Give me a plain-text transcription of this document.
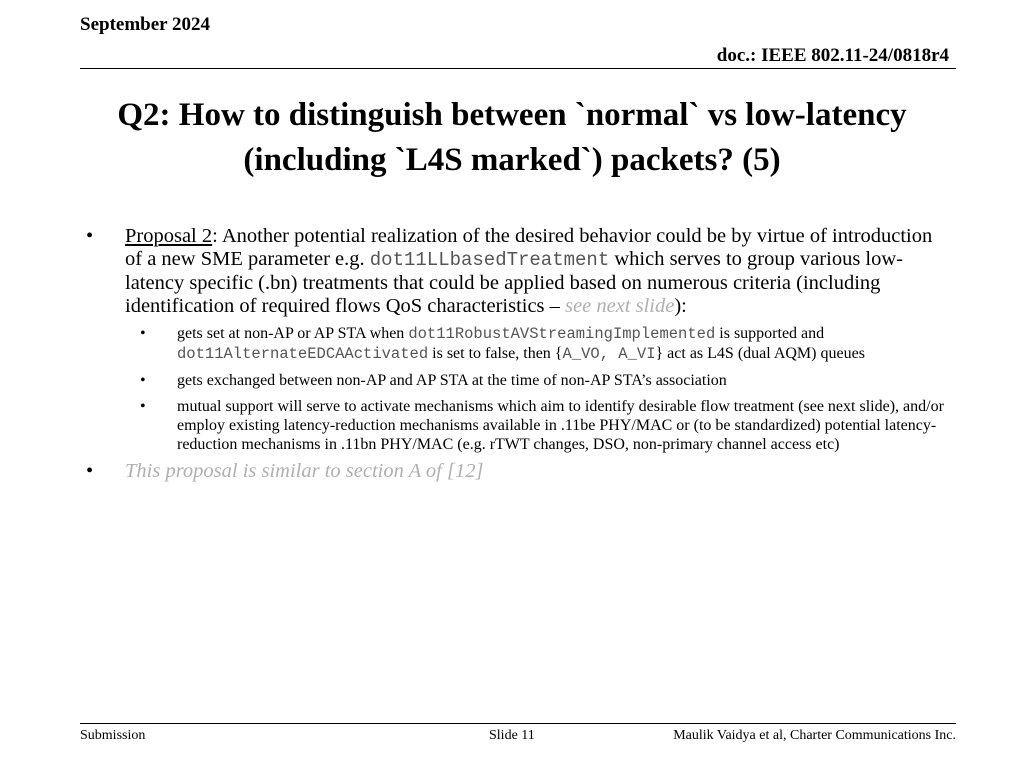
September 2024
doc.: IEEE 802.11-24/0818r4
Q2: How to distinguish between `normal` vs low-latency (including `L4S marked`) packets? (5)
• Proposal 2: Another potential realization of the desired behavior could be by virtue of introduction of a new SME parameter e.g. dot11LLbasedTreatment which serves to group various low-latency specific (.bn) treatments that could be applied based on numerous criteria (including identification of required flows QoS characteristics – see next slide):
• gets set at non-AP or AP STA when dot11RobustAVStreamingImplemented is supported and dot11AlternateEDCAActivated is set to false, then {A_VO, A_VI} act as L4S (dual AQM) queues
• gets exchanged between non-AP and AP STA at the time of non-AP STA’s association
• mutual support will serve to activate mechanisms which aim to identify desirable flow treatment (see next slide), and/or employ existing latency-reduction mechanisms available in .11be PHY/MAC or (to be standardized) potential latency-reduction mechanisms in .11bn PHY/MAC (e.g. rTWT changes, DSO, non-primary channel access etc)
• This proposal is similar to section A of [12]
Submission	Slide 11	Maulik Vaidya et al, Charter Communications Inc.
